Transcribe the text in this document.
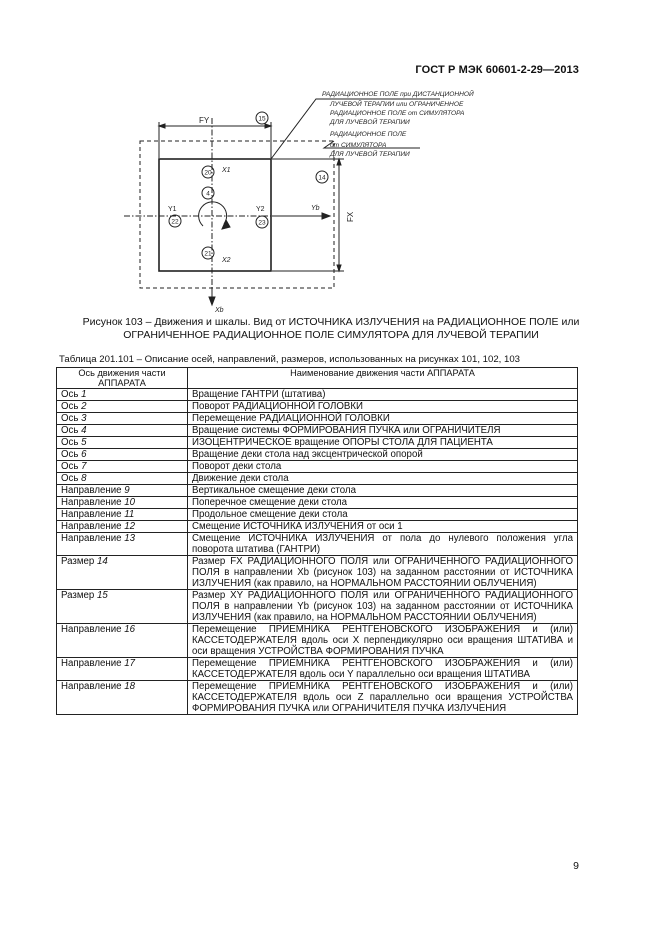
ГОСТ Р МЭК 60601-2-29—2013
FY
FX
X1
X2
Y1	Y2	Yb
Xb
15
14
20
4
22	23
21
РАДИАЦИОННОЕ ПОЛЕ при ДИСТАНЦИОННОЙ
ЛУЧЕВОЙ ТЕРАПИИ или ОГРАНИЧЕННОЕ
РАДИАЦИОННОЕ ПОЛЕ от СИМУЛЯТОРА
ДЛЯ ЛУЧЕВОЙ ТЕРАПИИ
РАДИАЦИОННОЕ ПОЛЕ
от СИМУЛЯТОРА
ДЛЯ ЛУЧЕВОЙ ТЕРАПИИ
Рисунок 103 – Движения и шкалы. Вид от ИСТОЧНИКА ИЗЛУЧЕНИЯ на РАДИАЦИОННОЕ ПОЛЕ или
ОГРАНИЧЕННОЕ РАДИАЦИОННОЕ ПОЛЕ СИМУЛЯТОРА ДЛЯ ЛУЧЕВОЙ ТЕРАПИИ
Таблица 201.101 – Описание осей, направлений, размеров, использованных на рисунках 101, 102, 103
Ось движения части
АППАРАТА	Наименование движения части АППАРАТА
Ось 1	Вращение ГАНТРИ (штатива)
Ось 2	Поворот РАДИАЦИОННОЙ ГОЛОВКИ
Ось 3	Перемещение РАДИАЦИОННОЙ ГОЛОВКИ
Ось 4	Вращение системы ФОРМИРОВАНИЯ ПУЧКА или ОГРАНИЧИТЕЛЯ
Ось 5	ИЗОЦЕНТРИЧЕСКОЕ вращение ОПОРЫ СТОЛА ДЛЯ ПАЦИЕНТА
Ось 6	Вращение деки стола над эксцентрической опорой
Ось 7	Поворот деки стола
Ось 8	Движение деки стола
Направление 9	Вертикальное смещение деки стола
Направление 10	Поперечное смещение деки стола
Направление 11	Продольное смещение деки стола
Направление 12	Смещение ИСТОЧНИКА ИЗЛУЧЕНИЯ от оси 1
Направление 13	Смещение ИСТОЧНИКА ИЗЛУЧЕНИЯ от пола до нулевого положения угла поворота штатива (ГАНТРИ)
Размер 14	Размер FX РАДИАЦИОННОГО ПОЛЯ или ОГРАНИЧЕННОГО РАДИАЦИОННОГО ПОЛЯ в направлении Xb (рисунок 103) на заданном расстоянии от ИСТОЧНИКА ИЗЛУЧЕНИЯ (как правило, на НОРМАЛЬНОМ РАССТОЯНИИ ОБЛУЧЕНИЯ)
Размер 15	Размер XY РАДИАЦИОННОГО ПОЛЯ или ОГРАНИЧЕННОГО РАДИАЦИОННОГО ПОЛЯ в направлении Yb (рисунок 103) на заданном расстоянии от ИСТОЧНИКА ИЗЛУЧЕНИЯ (как правило, на НОРМАЛЬНОМ РАССТОЯНИИ ОБЛУЧЕНИЯ)
Направление 16	Перемещение ПРИЕМНИКА РЕНТГЕНОВСКОГО ИЗОБРАЖЕНИЯ и (или) КАССЕТОДЕРЖАТЕЛЯ вдоль оси X перпендикулярно оси вращения ШТАТИВА и оси вращения УСТРОЙСТВА ФОРМИРОВАНИЯ ПУЧКА
Направление 17	Перемещение ПРИЕМНИКА РЕНТГЕНОВСКОГО ИЗОБРАЖЕНИЯ и (или) КАССЕТОДЕРЖАТЕЛЯ вдоль оси Y параллельно оси вращения ШТАТИВА
Направление 18	Перемещение ПРИЕМНИКА РЕНТГЕНОВСКОГО ИЗОБРАЖЕНИЯ и (или) КАССЕТОДЕРЖАТЕЛЯ вдоль оси Z параллельно оси вращения УСТРОЙСТВА ФОРМИРОВАНИЯ ПУЧКА или ОГРАНИЧИТЕЛЯ ПУЧКА ИЗЛУЧЕНИЯ
9
